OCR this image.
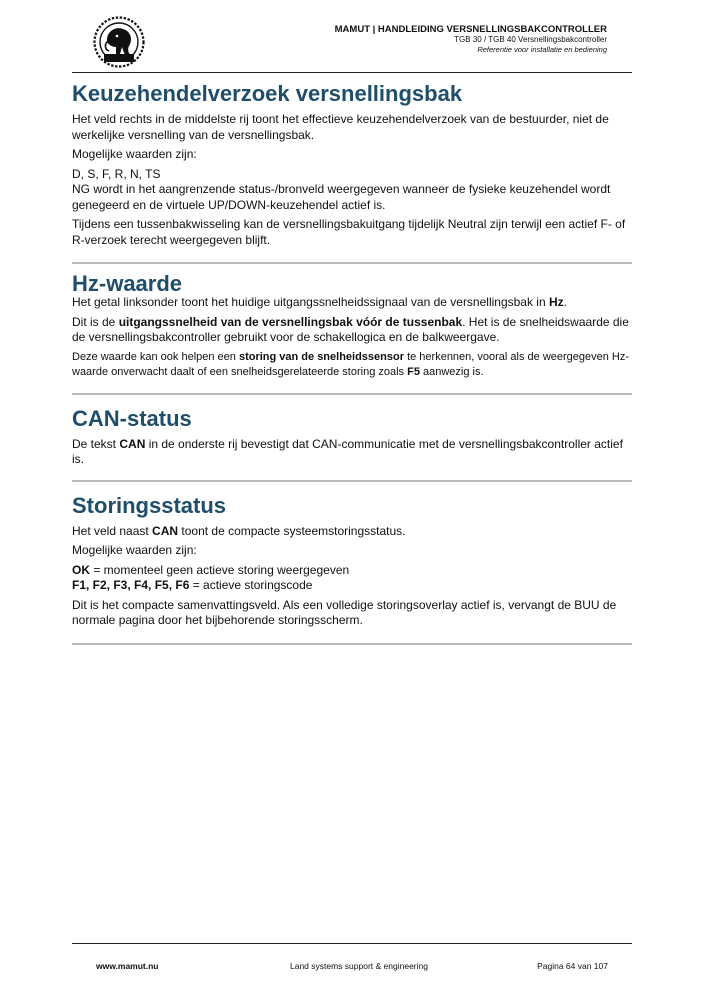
MAMUT | HANDLEIDING VERSNELLINGSBAKCONTROLLER
TGB 30 / TGB 40 Versnellingsbakcontroller
Referentie voor installatie en bediening
Keuzehendelverzoek versnellingsbak

Het veld rechts in de middelste rij toont het effectieve keuzehendelverzoek van de bestuurder, niet de werkelijke versnelling van de versnellingsbak.

Mogelijke waarden zijn:

D, S, F, R, N, TS

NG wordt in het aangrenzende status-/bronveld weergegeven wanneer de fysieke keuzehendel wordt genegeerd en de virtuele UP/DOWN-keuzehendel actief is.

Tijdens een tussenbakwisseling kan de versnellingsbakuitgang tijdelijk Neutral zijn terwijl een actief F- of R-verzoek terecht weergegeven blijft.

Hz-waarde

Het getal linksonder toont het huidige uitgangssnelheidssignaal van de versnellingsbak in Hz.

Dit is de uitgangssnelheid van de versnellingsbak vóór de tussenbak. Het is de snelheidswaarde die de versnellingsbakcontroller gebruikt voor de schakellogica en de balkweergave.

Deze waarde kan ook helpen een storing van de snelheidssensor te herkennen, vooral als de weergegeven Hz-waarde onverwacht daalt of een snelheidsgerelateerde storing zoals F5 aanwezig is.

CAN-status

De tekst CAN in de onderste rij bevestigt dat CAN-communicatie met de versnellingsbakcontroller actief is.

Storingsstatus

Het veld naast CAN toont de compacte systeemstoringsstatus.

Mogelijke waarden zijn:

OK = momenteel geen actieve storing weergegeven

F1, F2, F3, F4, F5, F6 = actieve storingscode

Dit is het compacte samenvattingsveld. Als een volledige storingsoverlay actief is, vervangt de BUU de normale pagina door het bijbehorende storingsscherm.

www.mamut.nu	Land systems support & engineering	Pagina 64 van 107
